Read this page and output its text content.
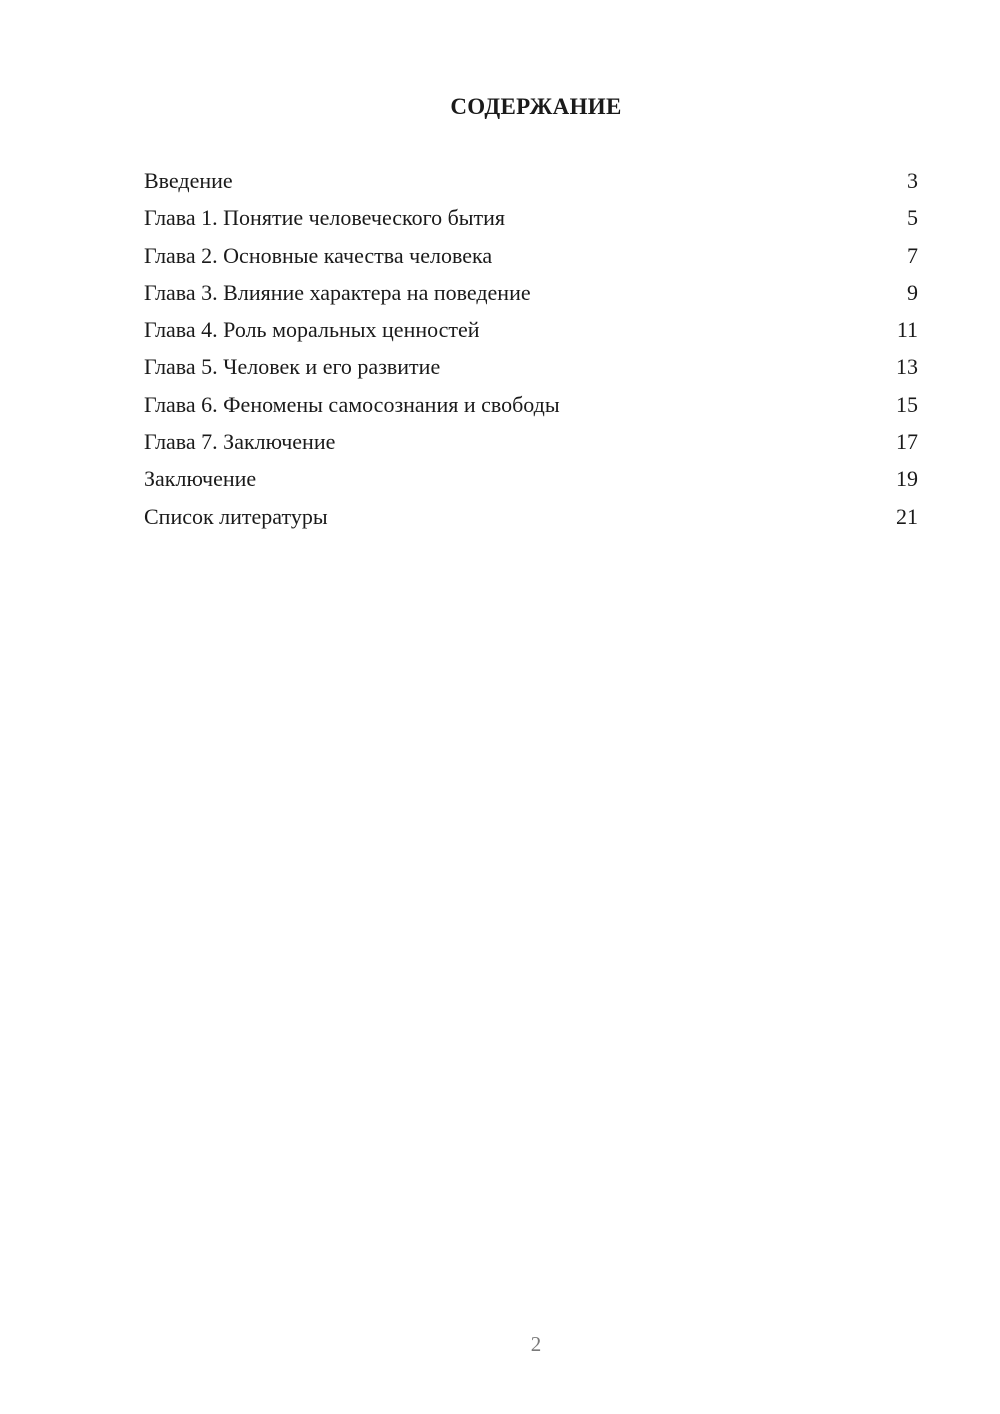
СОДЕРЖАНИЕ
Введение	3
Глава 1. Понятие человеческого бытия	5
Глава 2. Основные качества человека	7
Глава 3. Влияние характера на поведение	9
Глава 4. Роль моральных ценностей	11
Глава 5. Человек и его развитие	13
Глава 6. Феномены самосознания и свободы	15
Глава 7. Заключение	17
Заключение	19
Список литературы	21
2
